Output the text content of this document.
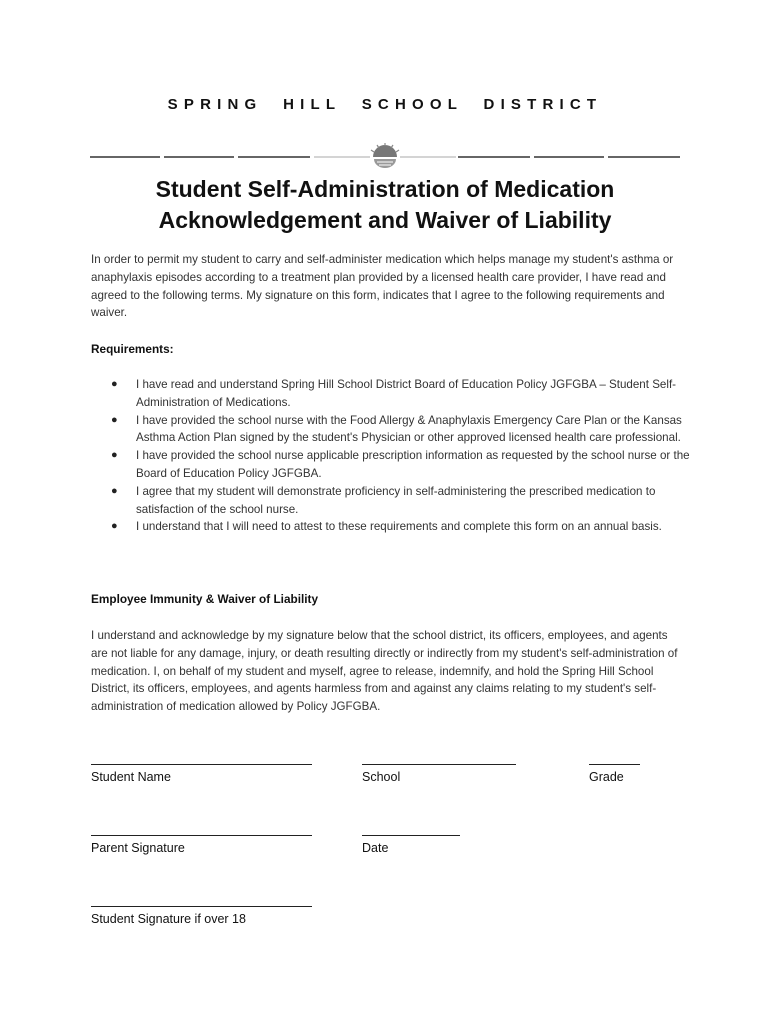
SPRING  HILL  SCHOOL  DISTRICT
Student Self-Administration of Medication
Acknowledgement and Waiver of Liability
In order to permit my student to carry and self-administer medication which helps manage my student's asthma or anaphylaxis episodes according to a treatment plan provided by a licensed health care provider, I have read and agreed to the following terms. My signature on this form, indicates that I agree to the following requirements and waiver.
Requirements:
● I have read and understand Spring Hill School District Board of Education Policy JGFGBA – Student Self-Administration of Medications.
● I have provided the school nurse with the Food Allergy & Anaphylaxis Emergency Care Plan or the Kansas Asthma Action Plan signed by the student's Physician or other approved licensed health care professional.
● I have provided the school nurse applicable prescription information as requested by the school nurse or the Board of Education Policy JGFGBA.
● I agree that my student will demonstrate proficiency in self-administering the prescribed medication to satisfaction of the school nurse.
● I understand that I will need to attest to these requirements and complete this form on an annual basis.
Employee Immunity & Waiver of Liability
I understand and acknowledge by my signature below that the school district, its officers, employees, and agents are not liable for any damage, injury, or death resulting directly or indirectly from my student's self-administration of medication. I, on behalf of my student and myself, agree to release, indemnify, and hold the Spring Hill School District, its officers, employees, and agents harmless from and against any claims relating to my student's self-administration of medication allowed by Policy JGFGBA.
Student Name	School	Grade
Parent Signature	Date
Student Signature if over 18
